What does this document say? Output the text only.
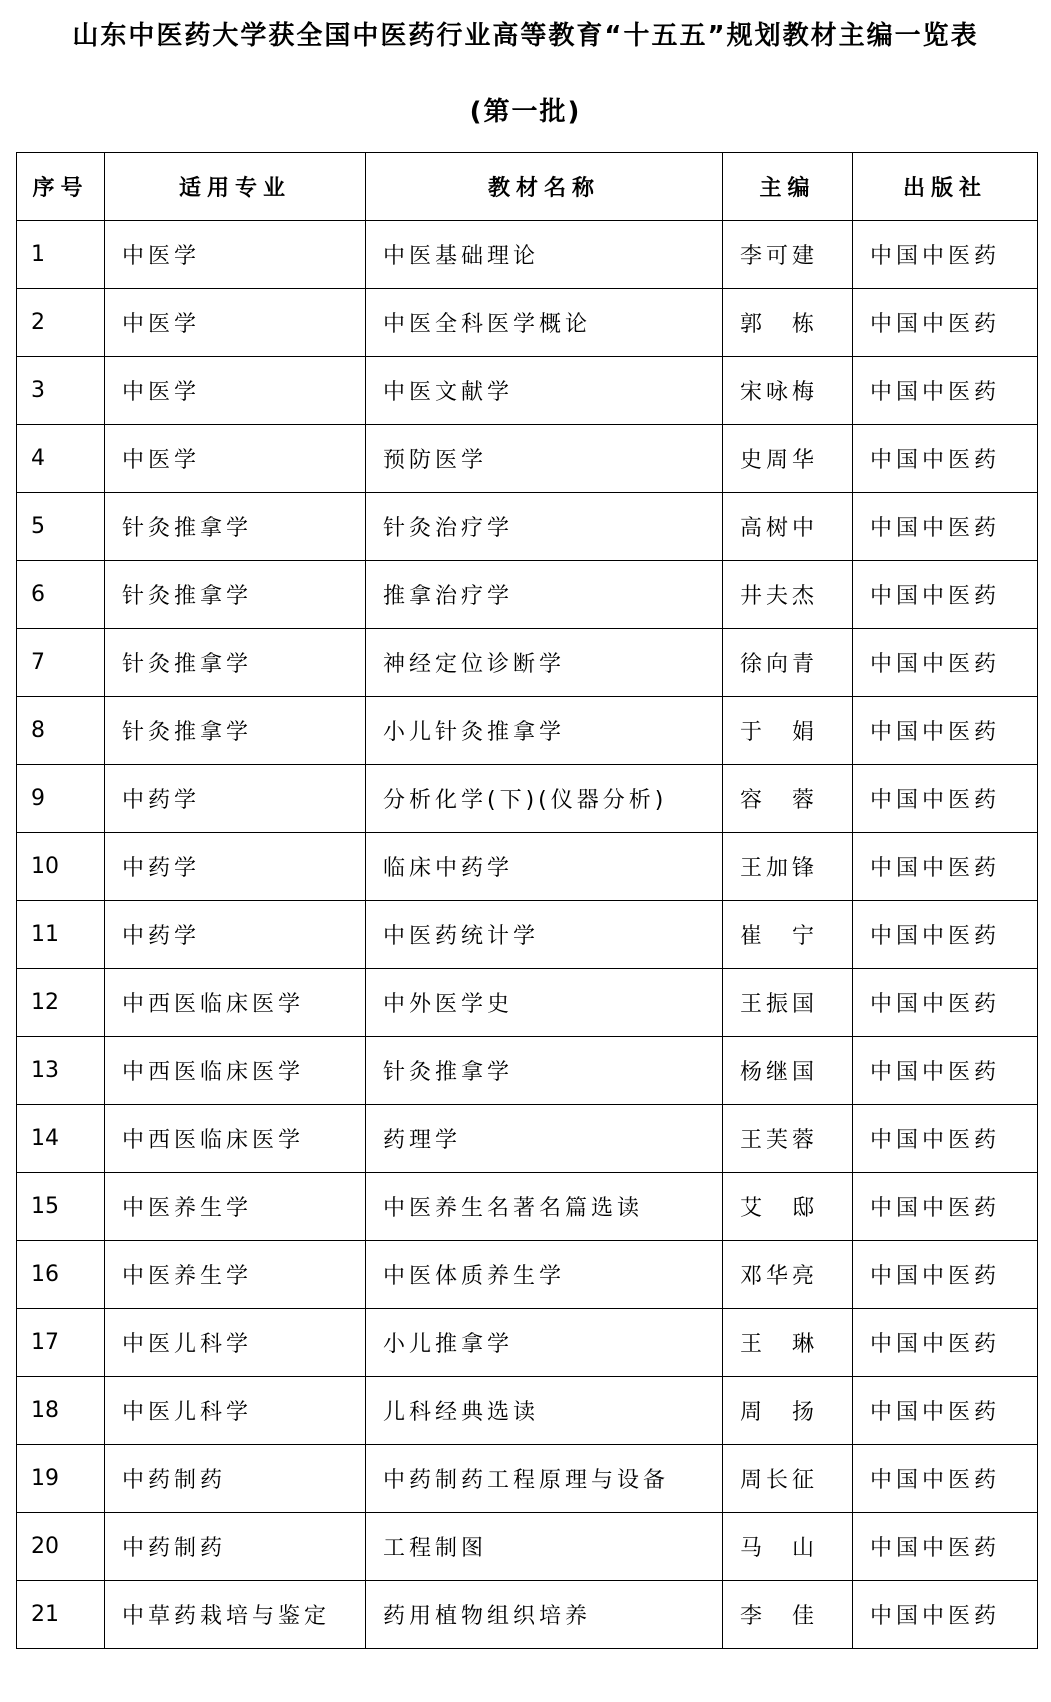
山东中医药大学获全国中医药行业高等教育“十五五”规划教材主编一览表
(第一批)
序号	适用专业	教材名称	主编	出版社
1	中医学	中医基础理论	李可建	中国中医药
2	中医学	中医全科医学概论	郭　栋	中国中医药
3	中医学	中医文献学	宋咏梅	中国中医药
4	中医学	预防医学	史周华	中国中医药
5	针灸推拿学	针灸治疗学	高树中	中国中医药
6	针灸推拿学	推拿治疗学	井夫杰	中国中医药
7	针灸推拿学	神经定位诊断学	徐向青	中国中医药
8	针灸推拿学	小儿针灸推拿学	于　娟	中国中医药
9	中药学	分析化学(下)(仪器分析)	容　蓉	中国中医药
10	中药学	临床中药学	王加锋	中国中医药
11	中药学	中医药统计学	崔　宁	中国中医药
12	中西医临床医学	中外医学史	王振国	中国中医药
13	中西医临床医学	针灸推拿学	杨继国	中国中医药
14	中西医临床医学	药理学	王芙蓉	中国中医药
15	中医养生学	中医养生名著名篇选读	艾　邸	中国中医药
16	中医养生学	中医体质养生学	邓华亮	中国中医药
17	中医儿科学	小儿推拿学	王　琳	中国中医药
18	中医儿科学	儿科经典选读	周　扬	中国中医药
19	中药制药	中药制药工程原理与设备	周长征	中国中医药
20	中药制药	工程制图	马　山	中国中医药
21	中草药栽培与鉴定	药用植物组织培养	李　佳	中国中医药
